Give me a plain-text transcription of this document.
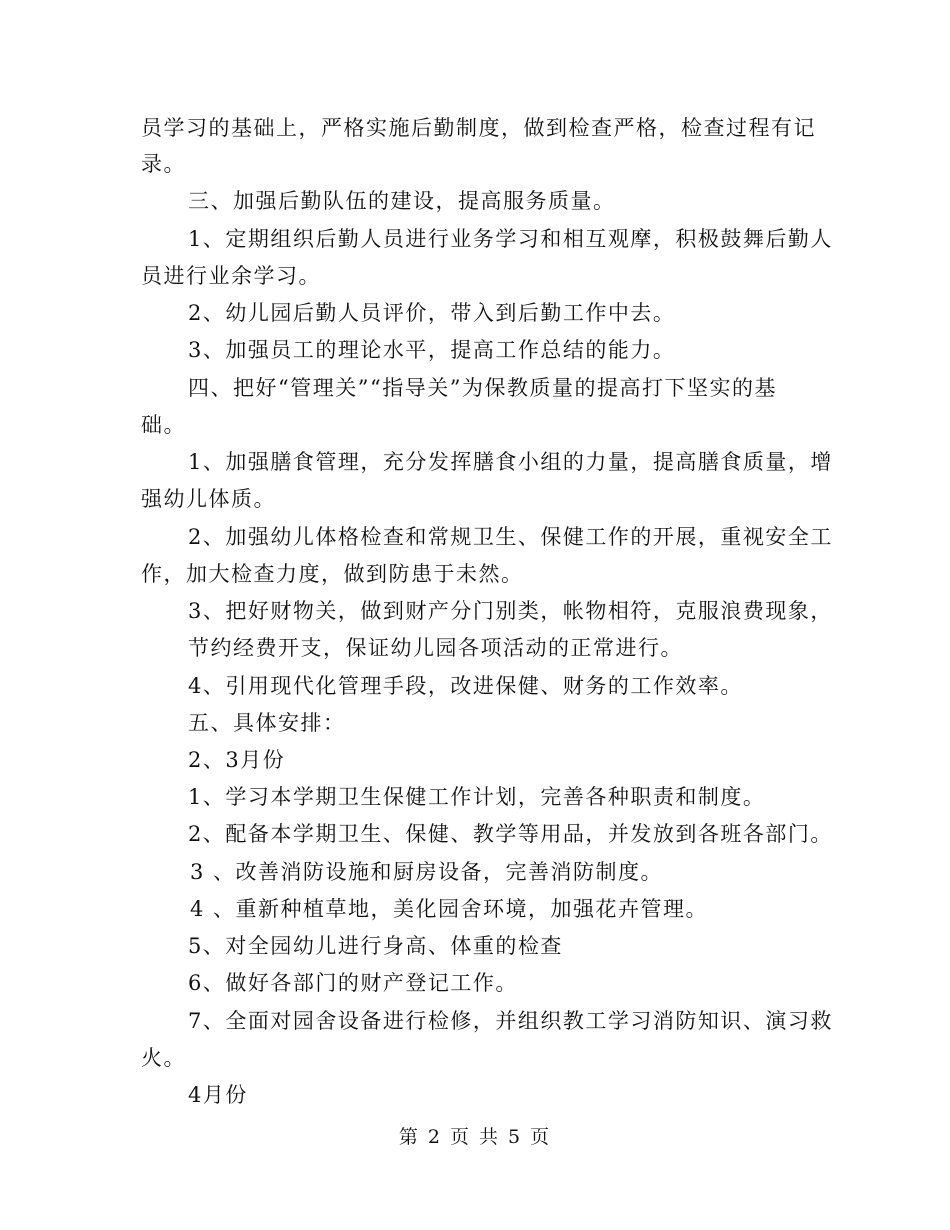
员学习的基础上，严格实施后勤制度，做到检查严格，检查过程有记
录。
三、加强后勤队伍的建设，提高服务质量。
1、定期组织后勤人员进行业务学习和相互观摩，积极鼓舞后勤人
员进行业余学习。
2、幼儿园后勤人员评价，带入到后勤工作中去。
3、加强员工的理论水平，提高工作总结的能力。
四、把好“管理关”“指导关”为保教质量的提高打下坚实的基
础。
1、加强膳食管理，充分发挥膳食小组的力量，提高膳食质量，增
强幼儿体质。
2、加强幼儿体格检查和常规卫生、保健工作的开展，重视安全工
作，加大检查力度，做到防患于未然。
3、把好财物关，做到财产分门别类，帐物相符，克服浪费现象，
节约经费开支，保证幼儿园各项活动的正常进行。
4、引用现代化管理手段，改进保健、财务的工作效率。
五、具体安排：
2、3月份
1、学习本学期卫生保健工作计划，完善各种职责和制度。
2、配备本学期卫生、保健、教学等用品，并发放到各班各部门。
3 、改善消防设施和厨房设备，完善消防制度。
4 、重新种植草地，美化园舍环境，加强花卉管理。
5、对全园幼儿进行身高、体重的检查
6、做好各部门的财产登记工作。
7、全面对园舍设备进行检修，并组织教工学习消防知识、演习救
火。
4月份
第 2 页 共 5 页
